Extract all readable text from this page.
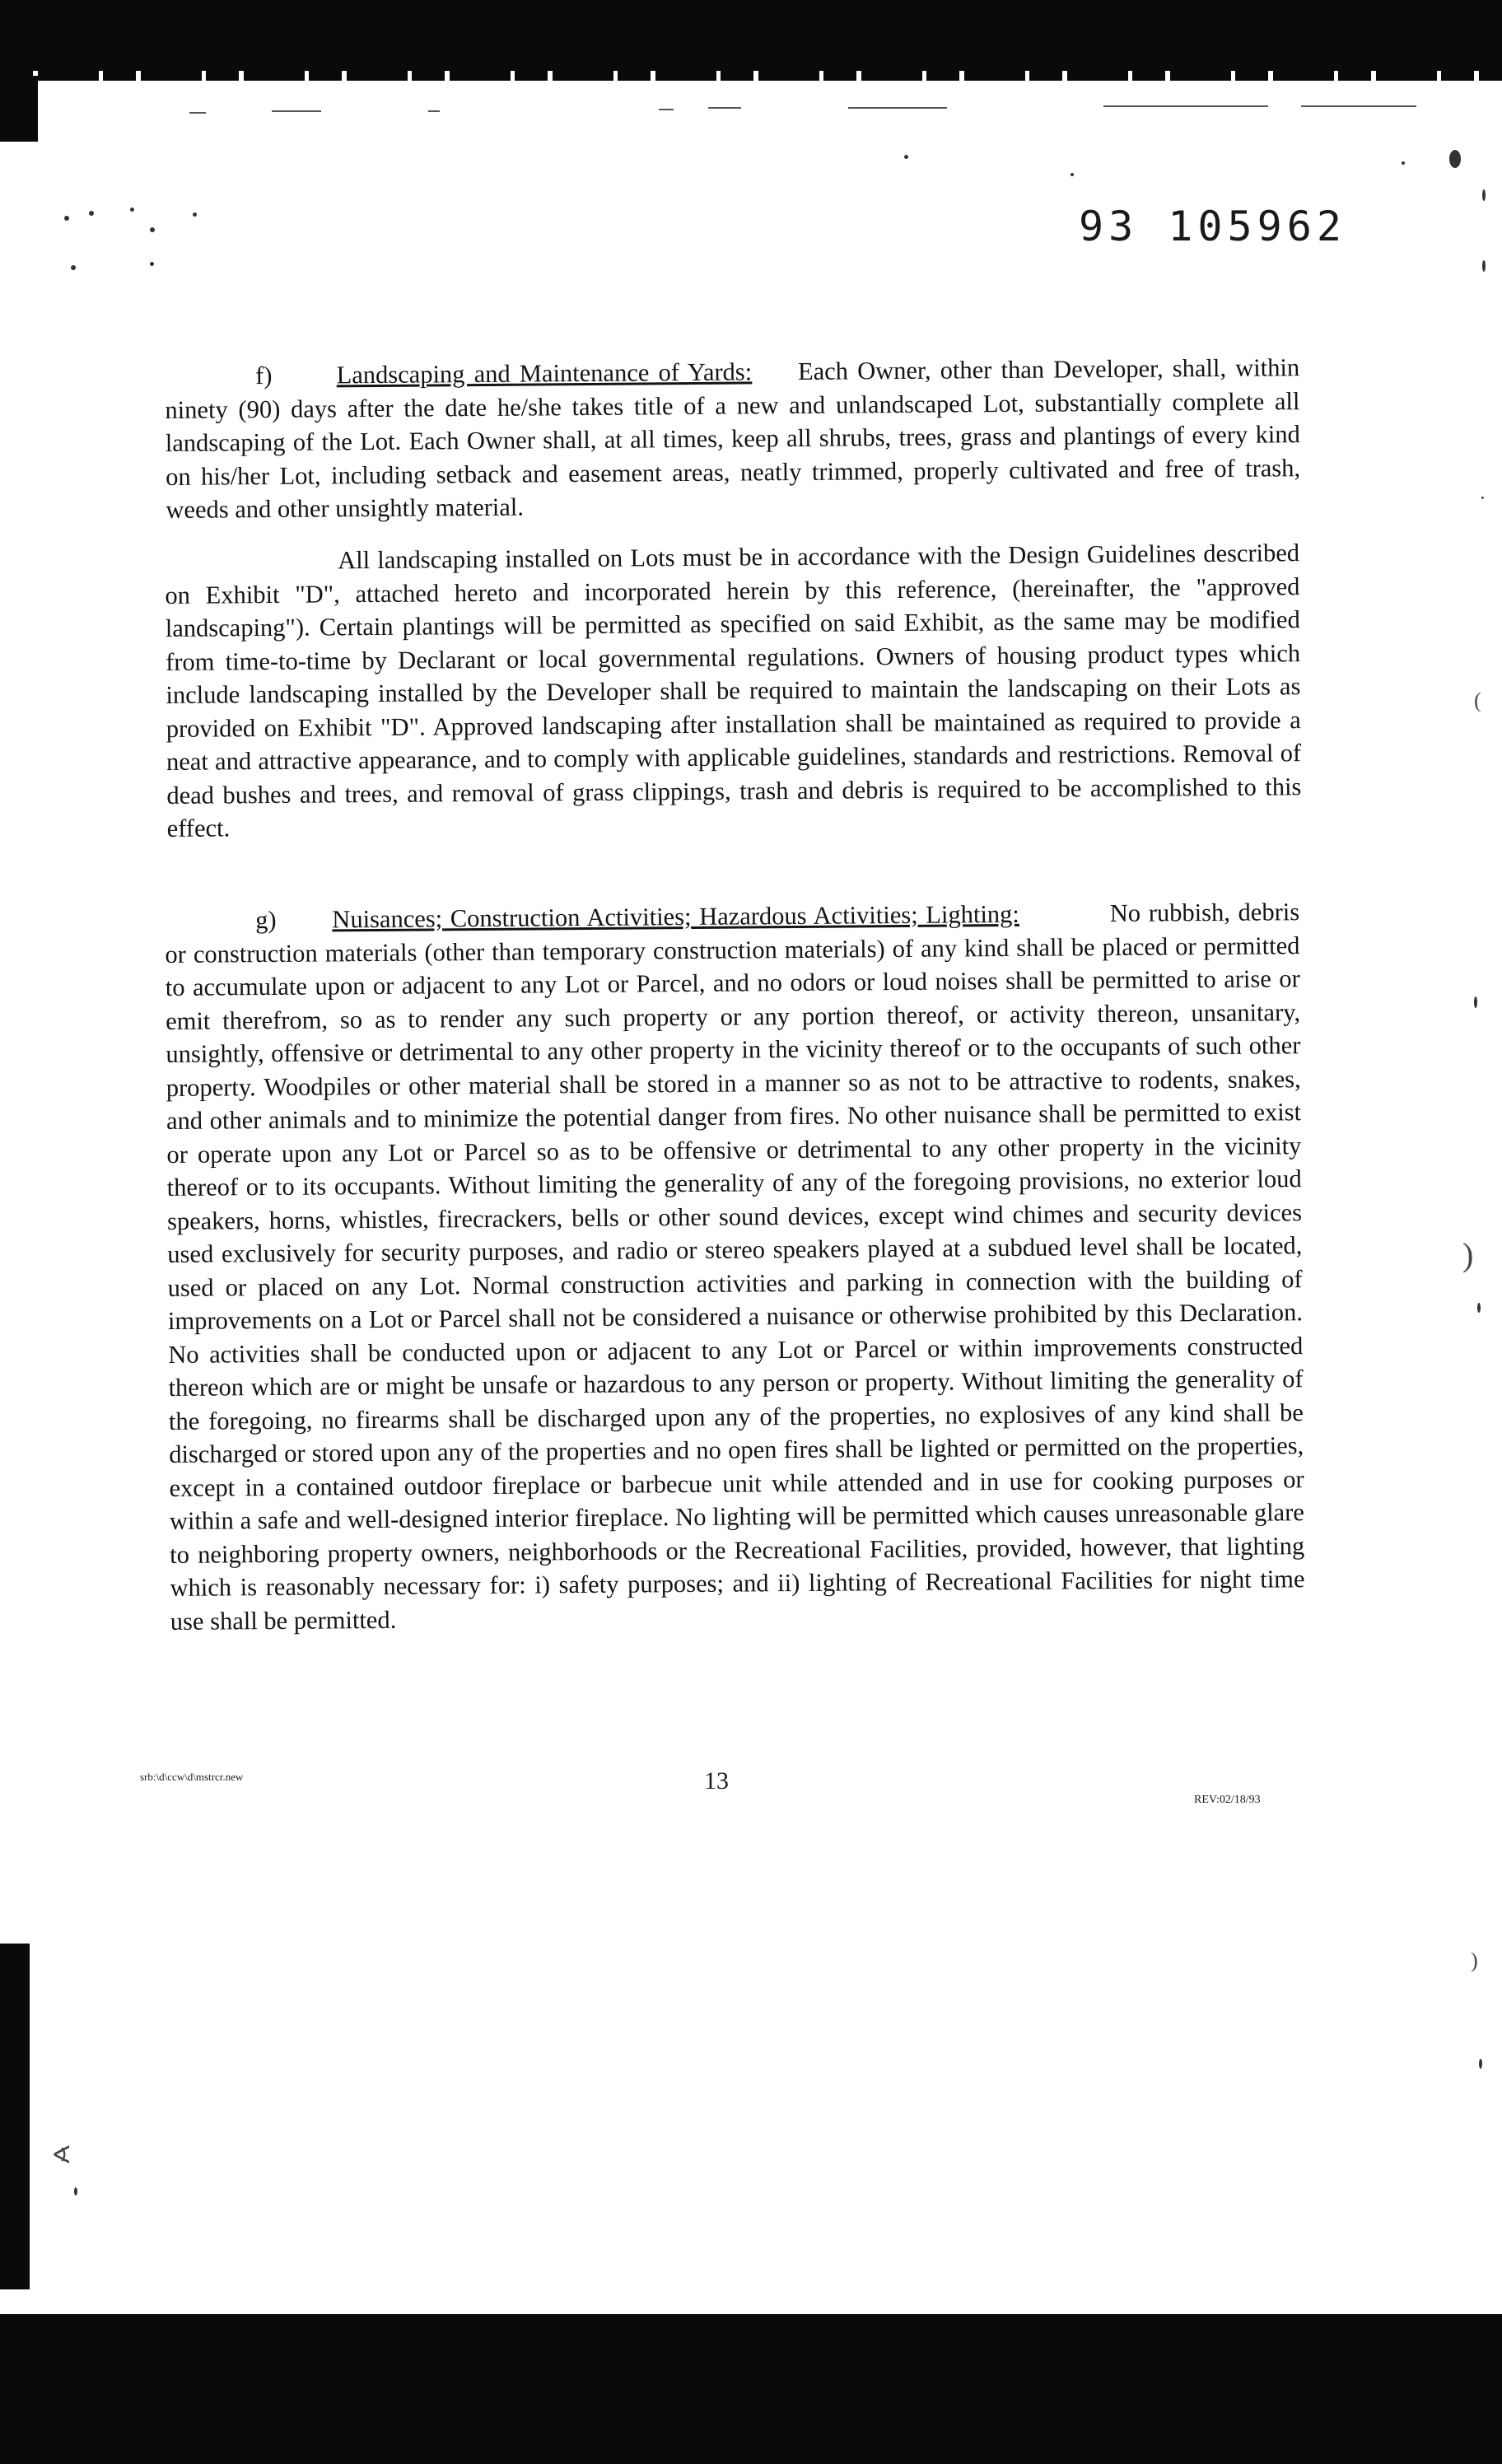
·
(
)
)
∢
93 105962
f)	Landscaping and Maintenance of Yards: Each Owner, other than Developer, shall, within ninety (90) days after the date he/she takes title of a new and unlandscaped Lot, substantially complete all landscaping of the Lot. Each Owner shall, at all times, keep all shrubs, trees, grass and plantings of every kind on his/her Lot, including setback and easement areas, neatly trimmed, properly cultivated and free of trash, weeds and other unsightly material.
All landscaping installed on Lots must be in accordance with the Design Guidelines described on Exhibit "D", attached hereto and incorporated herein by this reference, (hereinafter, the "approved landscaping"). Certain plantings will be permitted as specified on said Exhibit, as the same may be modified from time-to-time by Declarant or local governmental regulations. Owners of housing product types which include landscaping installed by the Developer shall be required to maintain the landscaping on their Lots as provided on Exhibit "D". Approved landscaping after installation shall be maintained as required to provide a neat and attractive appearance, and to comply with applicable guidelines, standards and restrictions. Removal of dead bushes and trees, and removal of grass clippings, trash and debris is required to be accomplished to this effect.
g) Nuisances; Construction Activities; Hazardous Activities; Lighting:	No rubbish, debris or construction materials (other than temporary construction materials) of any kind shall be placed or permitted to accumulate upon or adjacent to any Lot or Parcel, and no odors or loud noises shall be permitted to arise or emit therefrom, so as to render any such property or any portion thereof, or activity thereon, unsanitary, unsightly, offensive or detrimental to any other property in the vicinity thereof or to the occupants of such other property. Woodpiles or other material shall be stored in a manner so as not to be attractive to rodents, snakes, and other animals and to minimize the potential danger from fires. No other nuisance shall be permitted to exist or operate upon any Lot or Parcel so as to be offensive or detrimental to any other property in the vicinity thereof or to its occupants. Without limiting the generality of any of the foregoing provisions, no exterior loud speakers, horns, whistles, firecrackers, bells or other sound devices, except wind chimes and security devices used exclusively for security purposes, and radio or stereo speakers played at a subdued level shall be located, used or placed on any Lot. Normal construction activities and parking in connection with the building of improvements on a Lot or Parcel shall not be considered a nuisance or otherwise prohibited by this Declaration. No activities shall be conducted upon or adjacent to any Lot or Parcel or within improvements constructed thereon which are or might be unsafe or hazardous to any person or property. Without limiting the generality of the foregoing, no firearms shall be discharged upon any of the properties, no explosives of any kind shall be discharged or stored upon any of the properties and no open fires shall be lighted or permitted on the properties, except in a contained outdoor fireplace or barbecue unit while attended and in use for cooking purposes or within a safe and well-designed interior fireplace. No lighting will be permitted which causes unreasonable glare to neighboring property owners, neighborhoods or the Recreational Facilities, provided, however, that lighting which is reasonably necessary for: i) safety purposes; and ii) lighting of Recreational Facilities for night time use shall be permitted.
srb:\d\ccw\d\mstrcr.new	13
REV:02/18/93
